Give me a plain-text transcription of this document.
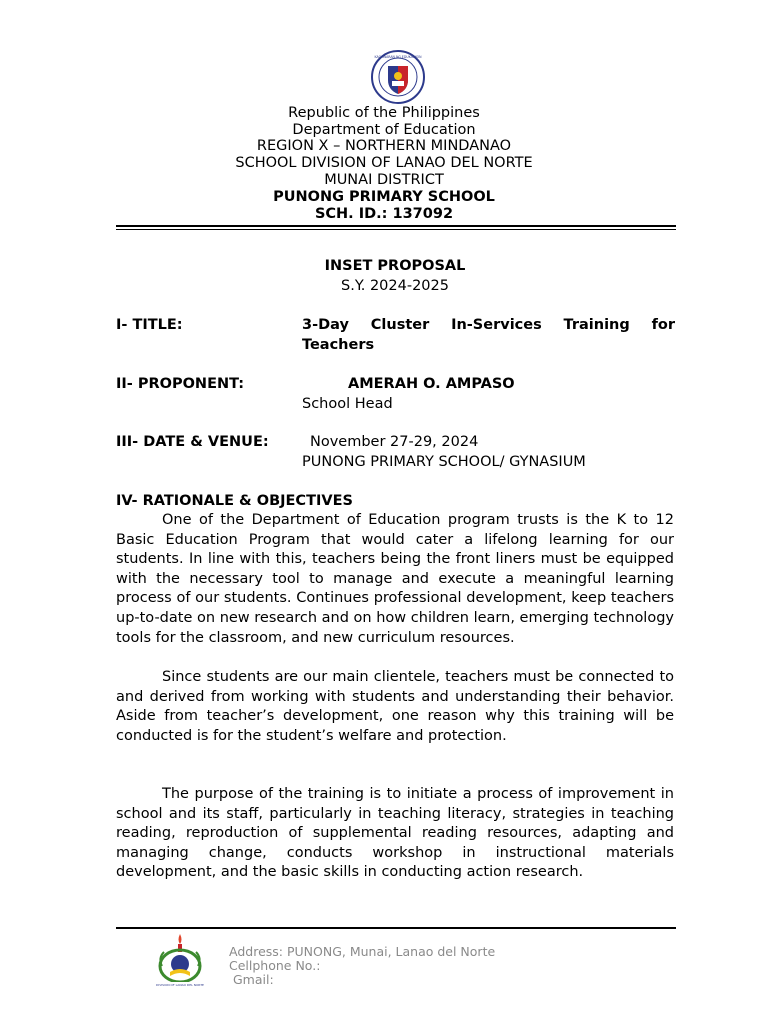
KAGAWARAN NG EDUKASYON
Republic of the Philippines
Department of Education
REGION X – NORTHERN MINDANAO
SCHOOL DIVISION OF LANAO DEL NORTE
MUNAI DISTRICT
PUNONG PRIMARY SCHOOL
SCH. ID.: 137092
INSET PROPOSAL
S.Y. 2024-2025
I- TITLE:	3-Day Cluster In-Services Training for Teachers
II- PROPONENT:	AMERAH O. AMPASO
School Head
III- DATE & VENUE:	November 27-29, 2024
PUNONG PRIMARY SCHOOL/ GYNASIUM
IV- RATIONALE & OBJECTIVES
One of the Department of Education program trusts is the K to 12 Basic Education Program that would cater a lifelong learning for our students. In line with this, teachers being the front liners must be equipped with the necessary tool to manage and execute a meaningful learning process of our students. Continues professional development, keep teachers up-to-date on new research and on how children learn, emerging technology tools for the classroom, and new curriculum resources.
Since students are our main clientele, teachers must be connected to and derived from working with students and understanding their behavior. Aside from teacher’s development, one reason why this training will be conducted is for the student’s welfare and protection.
The purpose of the training is to initiate a process of improvement in school and its staff, particularly in teaching literacy, strategies in teaching reading, reproduction of supplemental reading resources, adapting and managing change, conducts workshop in instructional materials development, and the basic skills in conducting action research.
DIVISION OF LANAO DEL NORTE
Address: PUNONG, Munai, Lanao del Norte
Cellphone No.:
Gmail:
